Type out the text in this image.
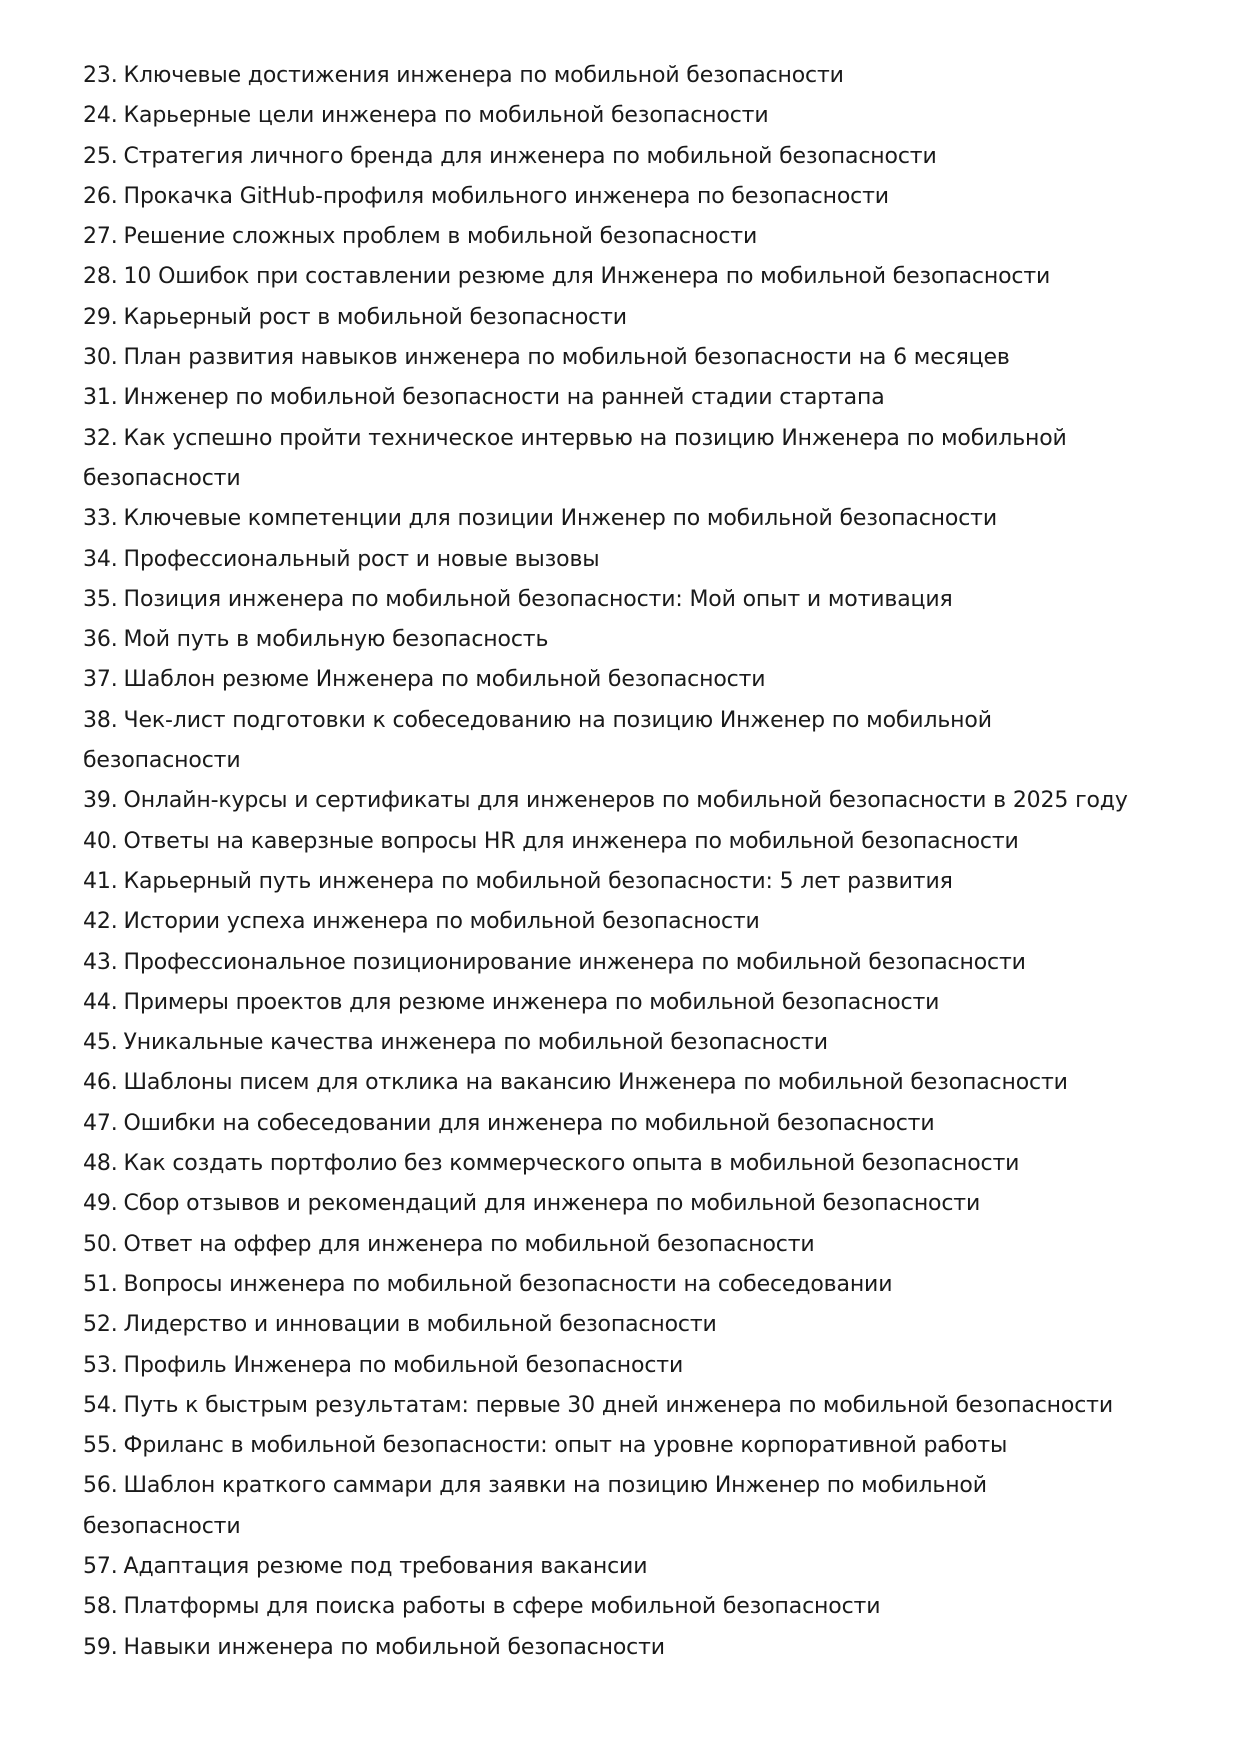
23. Ключевые достижения инженера по мобильной безопасности
24. Карьерные цели инженера по мобильной безопасности
25. Стратегия личного бренда для инженера по мобильной безопасности
26. Прокачка GitHub-профиля мобильного инженера по безопасности
27. Решение сложных проблем в мобильной безопасности
28. 10 Ошибок при составлении резюме для Инженера по мобильной безопасности
29. Карьерный рост в мобильной безопасности
30. План развития навыков инженера по мобильной безопасности на 6 месяцев
31. Инженер по мобильной безопасности на ранней стадии стартапа
32. Как успешно пройти техническое интервью на позицию Инженера по мобильной безопасности
33. Ключевые компетенции для позиции Инженер по мобильной безопасности
34. Профессиональный рост и новые вызовы
35. Позиция инженера по мобильной безопасности: Мой опыт и мотивация
36. Мой путь в мобильную безопасность
37. Шаблон резюме Инженера по мобильной безопасности
38. Чек-лист подготовки к собеседованию на позицию Инженер по мобильной безопасности
39. Онлайн-курсы и сертификаты для инженеров по мобильной безопасности в 2025 году
40. Ответы на каверзные вопросы HR для инженера по мобильной безопасности
41. Карьерный путь инженера по мобильной безопасности: 5 лет развития
42. Истории успеха инженера по мобильной безопасности
43. Профессиональное позиционирование инженера по мобильной безопасности
44. Примеры проектов для резюме инженера по мобильной безопасности
45. Уникальные качества инженера по мобильной безопасности
46. Шаблоны писем для отклика на вакансию Инженера по мобильной безопасности
47. Ошибки на собеседовании для инженера по мобильной безопасности
48. Как создать портфолио без коммерческого опыта в мобильной безопасности
49. Сбор отзывов и рекомендаций для инженера по мобильной безопасности
50. Ответ на оффер для инженера по мобильной безопасности
51. Вопросы инженера по мобильной безопасности на собеседовании
52. Лидерство и инновации в мобильной безопасности
53. Профиль Инженера по мобильной безопасности
54. Путь к быстрым результатам: первые 30 дней инженера по мобильной безопасности
55. Фриланс в мобильной безопасности: опыт на уровне корпоративной работы
56. Шаблон краткого саммари для заявки на позицию Инженер по мобильной безопасности
57. Адаптация резюме под требования вакансии
58. Платформы для поиска работы в сфере мобильной безопасности
59. Навыки инженера по мобильной безопасности
